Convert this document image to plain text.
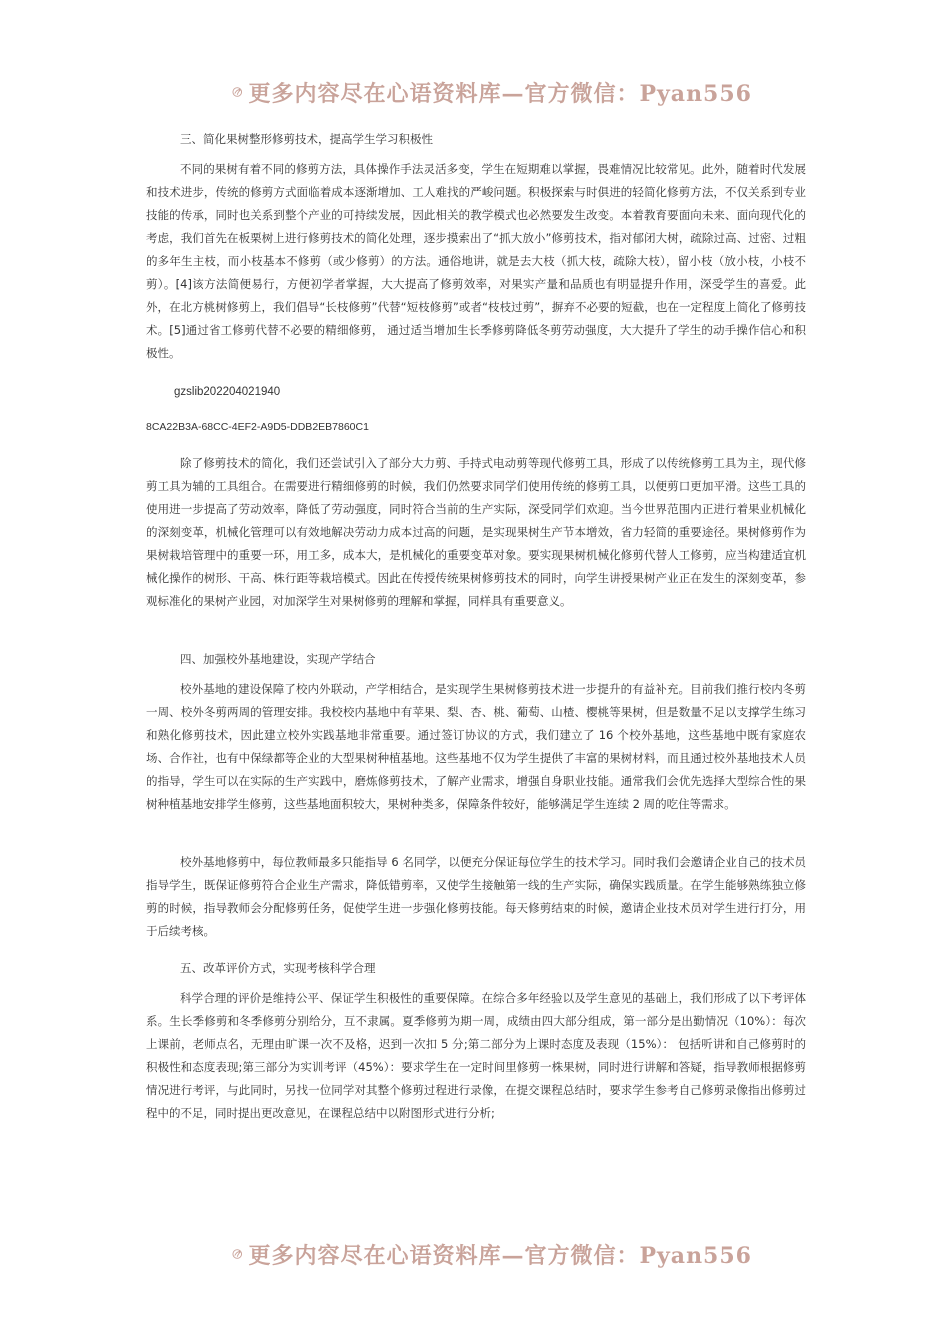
更多内容尽在心语资料库—官方微信：Pyan556
三、简化果树整形修剪技术，提高学生学习积极性
不同的果树有着不同的修剪方法，具体操作手法灵活多变，学生在短期难以掌握，畏难情况比较常见。此外，随着时代发展和技术进步，传统的修剪方式面临着成本逐渐增加、工人难找的严峻问题。积极探索与时俱进的轻简化修剪方法，不仅关系到专业技能的传承，同时也关系到整个产业的可持续发展，因此相关的教学模式也必然要发生改变。本着教育要面向未来、面向现代化的考虑，我们首先在板栗树上进行修剪技术的简化处理，逐步摸索出了“抓大放小”修剪技术，指对郁闭大树，疏除过高、过密、过粗的多年生主枝，而小枝基本不修剪（或少修剪）的方法。通俗地讲，就是去大枝（抓大枝，疏除大枝），留小枝（放小枝，小枝不剪）。[4]该方法简便易行，方便初学者掌握，大大提高了修剪效率，对果实产量和品质也有明显提升作用，深受学生的喜爱。此外，在北方桃树修剪上，我们倡导“长枝修剪”代替“短枝修剪”或者“枝枝过剪”，摒弃不必要的短截，也在一定程度上简化了修剪技术。[5]通过省工修剪代替不必要的精细修剪， 通过适当增加生长季修剪降低冬剪劳动强度，大大提升了学生的动手操作信心和积极性。
gzslib202204021940
8CA22B3A-68CC-4EF2-A9D5-DDB2EB7860C1
除了修剪技术的简化，我们还尝试引入了部分大力剪、手持式电动剪等现代修剪工具，形成了以传统修剪工具为主，现代修剪工具为辅的工具组合。在需要进行精细修剪的时候，我们仍然要求同学们使用传统的修剪工具，以便剪口更加平滑。这些工具的使用进一步提高了劳动效率，降低了劳动强度，同时符合当前的生产实际，深受同学们欢迎。当今世界范围内正进行着果业机械化的深刻变革，机械化管理可以有效地解决劳动力成本过高的问题，是实现果树生产节本增效，省力轻简的重要途径。果树修剪作为果树栽培管理中的重要一环，用工多，成本大，是机械化的重要变革对象。要实现果树机械化修剪代替人工修剪，应当构建适宜机械化操作的树形、干高、株行距等栽培模式。因此在传授传统果树修剪技术的同时，向学生讲授果树产业正在发生的深刻变革，参观标准化的果树产业园，对加深学生对果树修剪的理解和掌握，同样具有重要意义。
四、加强校外基地建设，实现产学结合
校外基地的建设保障了校内外联动，产学相结合，是实现学生果树修剪技术进一步提升的有益补充。目前我们推行校内冬剪一周、校外冬剪两周的管理安排。我校校内基地中有苹果、梨、杏、桃、葡萄、山楂、樱桃等果树，但是数量不足以支撑学生练习和熟化修剪技术，因此建立校外实践基地非常重要。通过签订协议的方式，我们建立了 16 个校外基地，这些基地中既有家庭农场、合作社，也有中保绿都等企业的大型果树种植基地。这些基地不仅为学生提供了丰富的果树材料，而且通过校外基地技术人员的指导，学生可以在实际的生产实践中，磨炼修剪技术，了解产业需求，增强自身职业技能。通常我们会优先选择大型综合性的果树种植基地安排学生修剪，这些基地面积较大，果树种类多，保障条件较好，能够满足学生连续 2 周的吃住等需求。
校外基地修剪中，每位教师最多只能指导 6 名同学，以便充分保证每位学生的技术学习。同时我们会邀请企业自己的技术员指导学生，既保证修剪符合企业生产需求，降低错剪率，又使学生接触第一线的生产实际，确保实践质量。在学生能够熟练独立修剪的时候，指导教师会分配修剪任务，促使学生进一步强化修剪技能。每天修剪结束的时候，邀请企业技术员对学生进行打分，用于后续考核。
五、改革评价方式，实现考核科学合理
科学合理的评价是维持公平、保证学生积极性的重要保障。在综合多年经验以及学生意见的基础上，我们形成了以下考评体系。生长季修剪和冬季修剪分别给分，互不隶属。夏季修剪为期一周，成绩由四大部分组成，第一部分是出勤情况（10%）：每次上课前，老师点名，无理由旷课一次不及格，迟到一次扣 5 分;第二部分为上课时态度及表现（15%）： 包括听讲和自己修剪时的积极性和态度表现;第三部分为实训考评（45%）：要求学生在一定时间里修剪一株果树，同时进行讲解和答疑，指导教师根据修剪情况进行考评，与此同时，另找一位同学对其整个修剪过程进行录像，在提交课程总结时，要求学生参考自己修剪录像指出修剪过程中的不足，同时提出更改意见，在课程总结中以附图形式进行分析;
更多内容尽在心语资料库—官方微信：Pyan556
